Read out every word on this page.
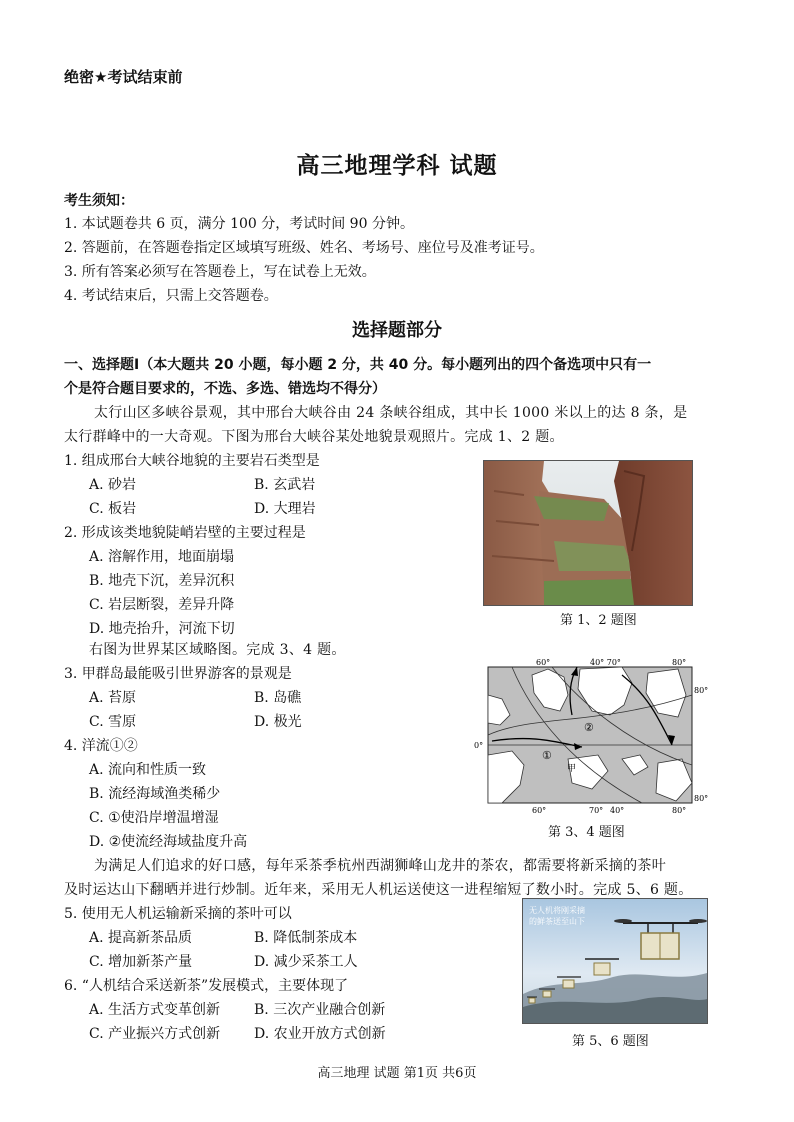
绝密★考试结束前
高三地理学科 试题
考生须知：
1. 本试题卷共 6 页，满分 100 分，考试时间 90 分钟。
2. 答题前，在答题卷指定区域填写班级、姓名、考场号、座位号及准考证号。
3. 所有答案必须写在答题卷上，写在试卷上无效。
4. 考试结束后，只需上交答题卷。
选择题部分
一、选择题Ⅰ（本大题共 20 小题，每小题 2 分，共 40 分。每小题列出的四个备选项中只有一
个是符合题目要求的，不选、多选、错选均不得分）
太行山区多峡谷景观，其中邢台大峡谷由 24 条峡谷组成，其中长 1000 米以上的达 8 条，是
太行群峰中的一大奇观。下图为邢台大峡谷某处地貌景观照片。完成 1、2 题。
1. 组成邢台大峡谷地貌的主要岩石类型是
A. 砂岩	B. 玄武岩
C. 板岩	D. 大理岩
2. 形成该类地貌陡峭岩壁的主要过程是
A. 溶解作用，地面崩塌
B. 地壳下沉，差异沉积
C. 岩层断裂，差异升降
D. 地壳抬升，河流下切
第 1、2 题图
右图为世界某区域略图。完成 3、4 题。
3. 甲群岛最能吸引世界游客的景观是
A. 苔原	B. 岛礁
C. 雪原	D. 极光
4. 洋流①②
A. 流向和性质一致
B. 流经海域渔类稀少
C. ①使沿岸增温增湿
D. ②使流经海域盐度升高
60°	40° 70°	80°
60°	70° 40°	80°
0°
80°
80°
①
②
甲
第 3、4 题图
为满足人们追求的好口感，每年采茶季杭州西湖狮峰山龙井的茶农，都需要将新采摘的茶叶
及时运达山下翻晒并进行炒制。近年来，采用无人机运送使这一进程缩短了数小时。完成 5、6 题。
5. 使用无人机运输新采摘的茶叶可以
A. 提高新茶品质	B. 降低制茶成本
C. 增加新茶产量	D. 减少采茶工人
6. “人机结合采送新茶”发展模式，主要体现了
A. 生活方式变革创新 B. 三次产业融合创新
C. 产业振兴方式创新 D. 农业开放方式创新
无人机将刚采摘
的鲜茶送至山下
第 5、6 题图
高三地理 试题 第1页 共6页
